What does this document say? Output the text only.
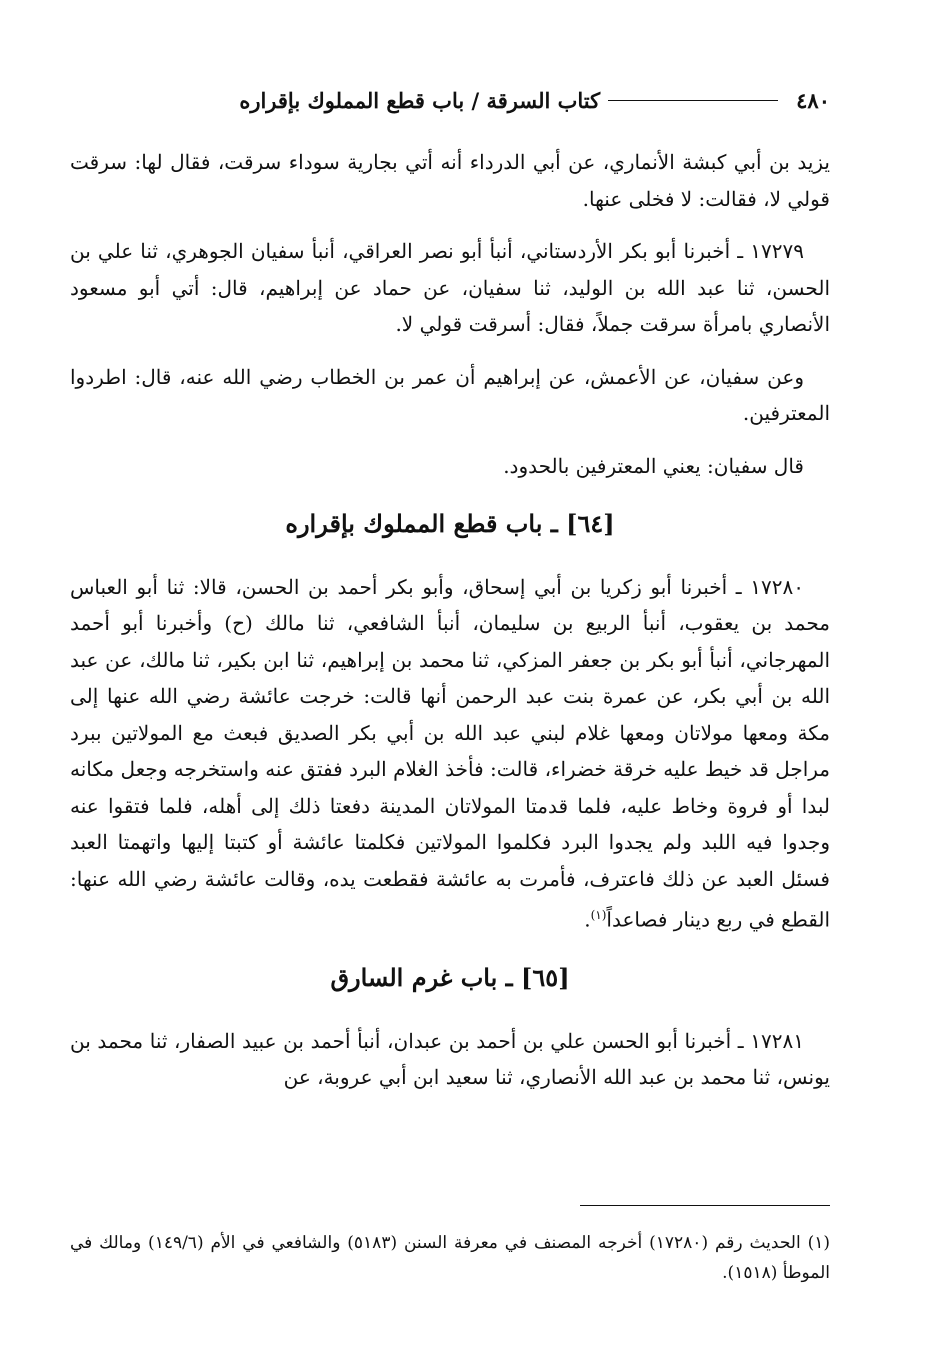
٤٨٠
كتاب السرقة / باب قطع المملوك بإقراره

يزيد بن أبي كبشة الأنماري، عن أبي الدرداء أنه أتي بجارية سوداء سرقت، فقال لها: سرقت قولي لا، فقالت: لا فخلى عنها.

١٧٢٧٩ ـ أخبرنا أبو بكر الأردستاني، أنبأ أبو نصر العراقي، أنبأ سفيان الجوهري، ثنا علي بن الحسن، ثنا عبد الله بن الوليد، ثنا سفيان، عن حماد عن إبراهيم، قال: أتي أبو مسعود الأنصاري بامرأة سرقت جملاً، فقال: أسرقت قولي لا.

وعن سفيان، عن الأعمش، عن إبراهيم أن عمر بن الخطاب رضي الله عنه، قال: اطردوا المعترفين.

قال سفيان: يعني المعترفين بالحدود.

[٦٤] ـ باب قطع المملوك بإقراره

١٧٢٨٠ ـ أخبرنا أبو زكريا بن أبي إسحاق، وأبو بكر أحمد بن الحسن، قالا: ثنا أبو العباس محمد بن يعقوب، أنبأ الربيع بن سليمان، أنبأ الشافعي، ثنا مالك (ح) وأخبرنا أبو أحمد المهرجاني، أنبأ أبو بكر بن جعفر المزكي، ثنا محمد بن إبراهيم، ثنا ابن بكير، ثنا مالك، عن عبد الله بن أبي بكر، عن عمرة بنت عبد الرحمن أنها قالت: خرجت عائشة رضي الله عنها إلى مكة ومعها مولاتان ومعها غلام لبني عبد الله بن أبي بكر الصديق فبعث مع المولاتين ببرد مراجل قد خيط عليه خرقة خضراء، قالت: فأخذ الغلام البرد ففتق عنه واستخرجه وجعل مكانه لبدا أو فروة وخاط عليه، فلما قدمتا المولاتان المدينة دفعتا ذلك إلى أهله، فلما فتقوا عنه وجدوا فيه اللبد ولم يجدوا البرد فكلموا المولاتين فكلمتا عائشة أو كتبتا إليها واتهمتا العبد فسئل العبد عن ذلك فاعترف، فأمرت به عائشة فقطعت يده، وقالت عائشة رضي الله عنها: القطع في ربع دينار فصاعداً$^{(١)}$.

[٦٥] ـ باب غرم السارق

١٧٢٨١ ـ أخبرنا أبو الحسن علي بن أحمد بن عبدان، أنبأ أحمد بن عبيد الصفار، ثنا محمد بن يونس، ثنا محمد بن عبد الله الأنصاري، ثنا سعيد ابن أبي عروبة، عن

(١) الحديث رقم (١٧٢٨٠) أخرجه المصنف في معرفة السنن (٥١٨٣) والشافعي في الأم (١٤٩/٦) ومالك في الموطأ (١٥١٨).
